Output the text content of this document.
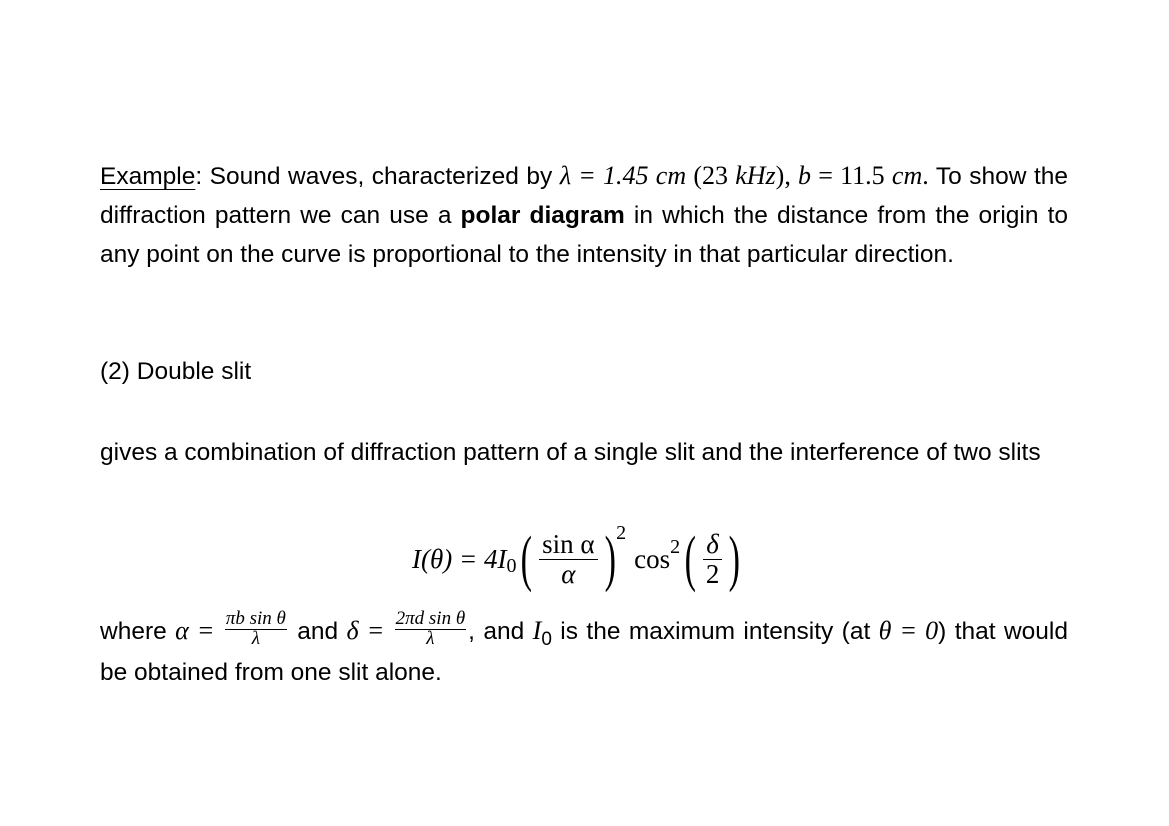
Example: Sound waves, characterized by λ = 1.45 cm (23 kHz), b = 11.5 cm. To show the diffraction pattern we can use a polar diagram in which the distance from the origin to any point on the curve is proportional to the intensity in that particular direction.
(2) Double slit
gives a combination of diffraction pattern of a single slit and the interference of two slits
I(θ) = 4I 0 ( $\frac{\text{sin α}}{\alpha}$ ) 2
cos 2 ( $\frac{\delta}{2}$ )
where $\alpha = \frac{\text{πb sin θ}}{\lambda}$ and $\delta = \frac{\text{2πd sin θ}}{\lambda}$ , and $I_0$ is the maximum intensity (at θ = 0) that would be obtained from one slit alone.
